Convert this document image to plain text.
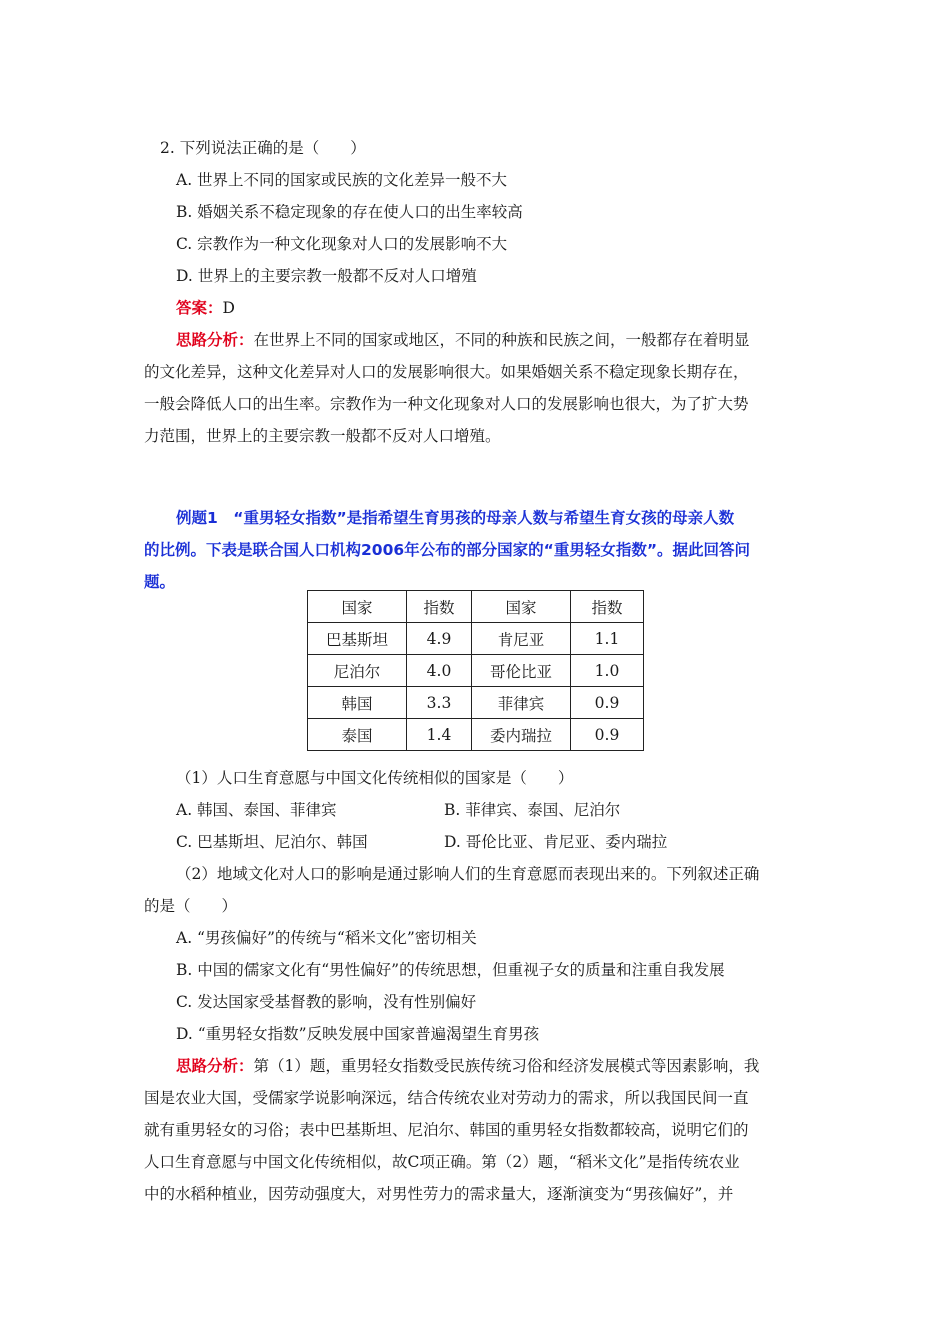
2. 下列说法正确的是（　　）
A. 世界上不同的国家或民族的文化差异一般不大
B. 婚姻关系不稳定现象的存在使人口的出生率较高
C. 宗教作为一种文化现象对人口的发展影响不大
D. 世界上的主要宗教一般都不反对人口增殖
答案：D
思路分析：在世界上不同的国家或地区，不同的种族和民族之间，一般都存在着明显
的文化差异，这种文化差异对人口的发展影响很大。如果婚姻关系不稳定现象长期存在，
一般会降低人口的出生率。宗教作为一种文化现象对人口的发展影响也很大，为了扩大势
力范围，世界上的主要宗教一般都不反对人口增殖。
例题1　“重男轻女指数”是指希望生育男孩的母亲人数与希望生育女孩的母亲人数
的比例。下表是联合国人口机构2006年公布的部分国家的“重男轻女指数”。据此回答问
题。
国家	指数	国家	指数
巴基斯坦	4.9	肯尼亚	1.1
尼泊尔	4.0	哥伦比亚	1.0
韩国	3.3	菲律宾	0.9
泰国	1.4	委内瑞拉	0.9
（1）人口生育意愿与中国文化传统相似的国家是（　　）
A. 韩国、泰国、菲律宾	B. 菲律宾、泰国、尼泊尔
C. 巴基斯坦、尼泊尔、韩国	D. 哥伦比亚、肯尼亚、委内瑞拉
（2）地域文化对人口的影响是通过影响人们的生育意愿而表现出来的。下列叙述正确
的是（　　）
A. “男孩偏好”的传统与“稻米文化”密切相关
B. 中国的儒家文化有“男性偏好”的传统思想，但重视子女的质量和注重自我发展
C. 发达国家受基督教的影响，没有性别偏好
D. “重男轻女指数”反映发展中国家普遍渴望生育男孩
思路分析：第（1）题，重男轻女指数受民族传统习俗和经济发展模式等因素影响，我
国是农业大国，受儒家学说影响深远，结合传统农业对劳动力的需求，所以我国民间一直
就有重男轻女的习俗；表中巴基斯坦、尼泊尔、韩国的重男轻女指数都较高，说明它们的
人口生育意愿与中国文化传统相似，故C项正确。第（2）题，“稻米文化”是指传统农业
中的水稻种植业，因劳动强度大，对男性劳力的需求量大，逐渐演变为“男孩偏好”，并
